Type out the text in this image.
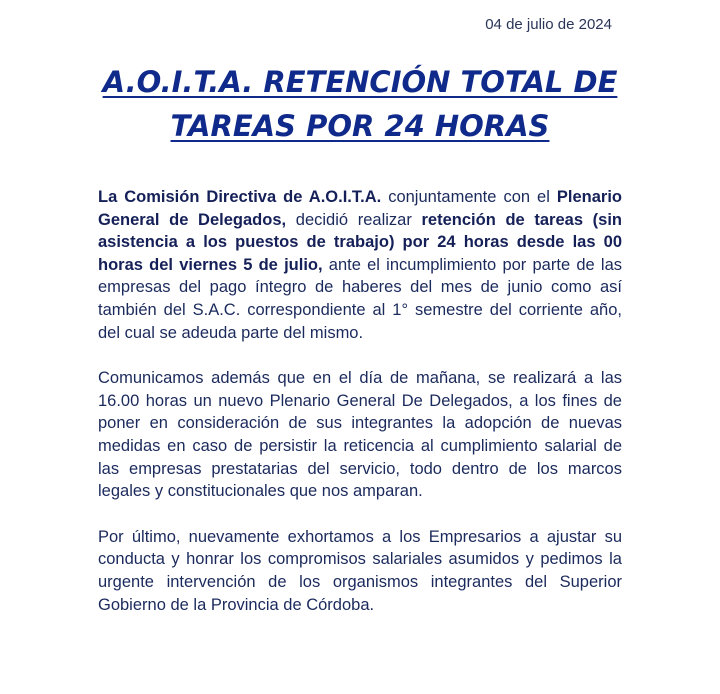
04 de julio de 2024
A.O.I.T.A. RETENCIÓN TOTAL DE
TAREAS POR 24 HORAS

La Comisión Directiva de A.O.I.T.A. conjuntamente con el Plenario General de Delegados, decidió realizar retención de tareas (sin asistencia a los puestos de trabajo) por 24 horas desde las 00 horas del viernes 5 de julio, ante el incumplimiento por parte de las empresas del pago íntegro de haberes del mes de junio como así también del S.A.C. correspondiente al 1° semestre del corriente año, del cual se adeuda parte del mismo.

Comunicamos además que en el día de mañana, se realizará a las 16.00 horas un nuevo Plenario General De Delegados, a los fines de poner en consideración de sus integrantes la adopción de nuevas medidas en caso de persistir la reticencia al cumplimiento salarial de las empresas prestatarias del servicio, todo dentro de los marcos legales y constitucionales que nos amparan.

Por último, nuevamente exhortamos a los Empresarios a ajustar su conducta y honrar los compromisos salariales asumidos y pedimos la urgente intervención de los organismos integrantes del Superior Gobierno de la Provincia de Córdoba.
